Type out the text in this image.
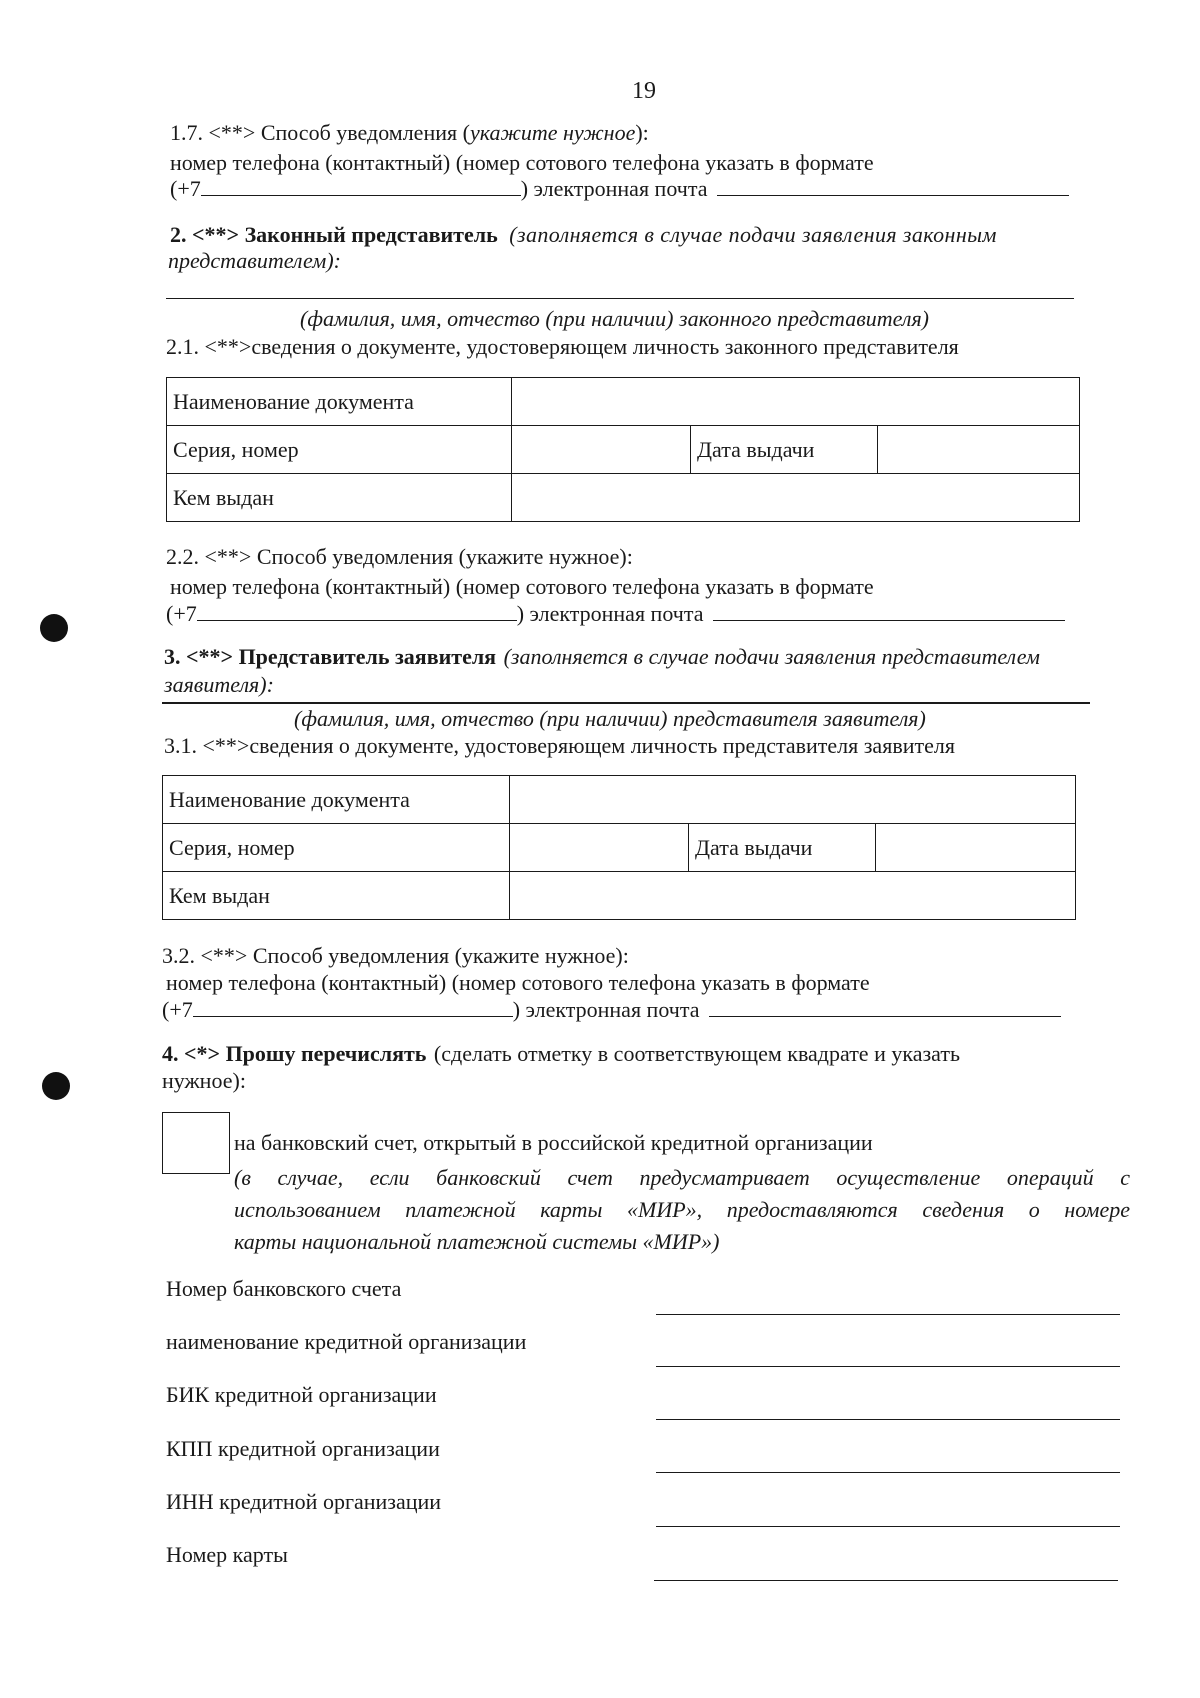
19
1.7. <**> Способ уведомления (укажите нужное):
номер телефона (контактный) (номер сотового телефона указать в формате
(+7	) электронная почта
2. <**> Законный представитель (заполняется в случае подачи заявления законным
представителем):
(фамилия, имя, отчество (при наличии) законного представителя)
2.1. <**>сведения о документе, удостоверяющем личность законного представителя
Наименование документа			
Серия, номер		Дата выдачи	
Кем выдан			
2.2. <**> Способ уведомления (укажите нужное):
номер телефона (контактный) (номер сотового телефона указать в формате
(+7	) электронная почта
3. <**> Представитель заявителя (заполняется в случае подачи заявления представителем
заявителя):
(фамилия, имя, отчество (при наличии) представителя заявителя)
3.1. <**>сведения о документе, удостоверяющем личность представителя заявителя
Наименование документа			
Серия, номер		Дата выдачи	
Кем выдан			
3.2. <**> Способ уведомления (укажите нужное):
номер телефона (контактный) (номер сотового телефона указать в формате
(+7	) электронная почта
4. <*> Прошу перечислять (сделать отметку в соответствующем квадрате и указать
нужное):
на банковский счет, открытый в российской кредитной организации
(в случае, если банковский счет предусматривает осуществление операций с
использованием платежной карты «МИР», предоставляются сведения о номере
карты национальной платежной системы «МИР»)
Номер банковского счета
наименование кредитной организации
БИК кредитной организации
КПП кредитной организации
ИНН кредитной организации
Номер карты
